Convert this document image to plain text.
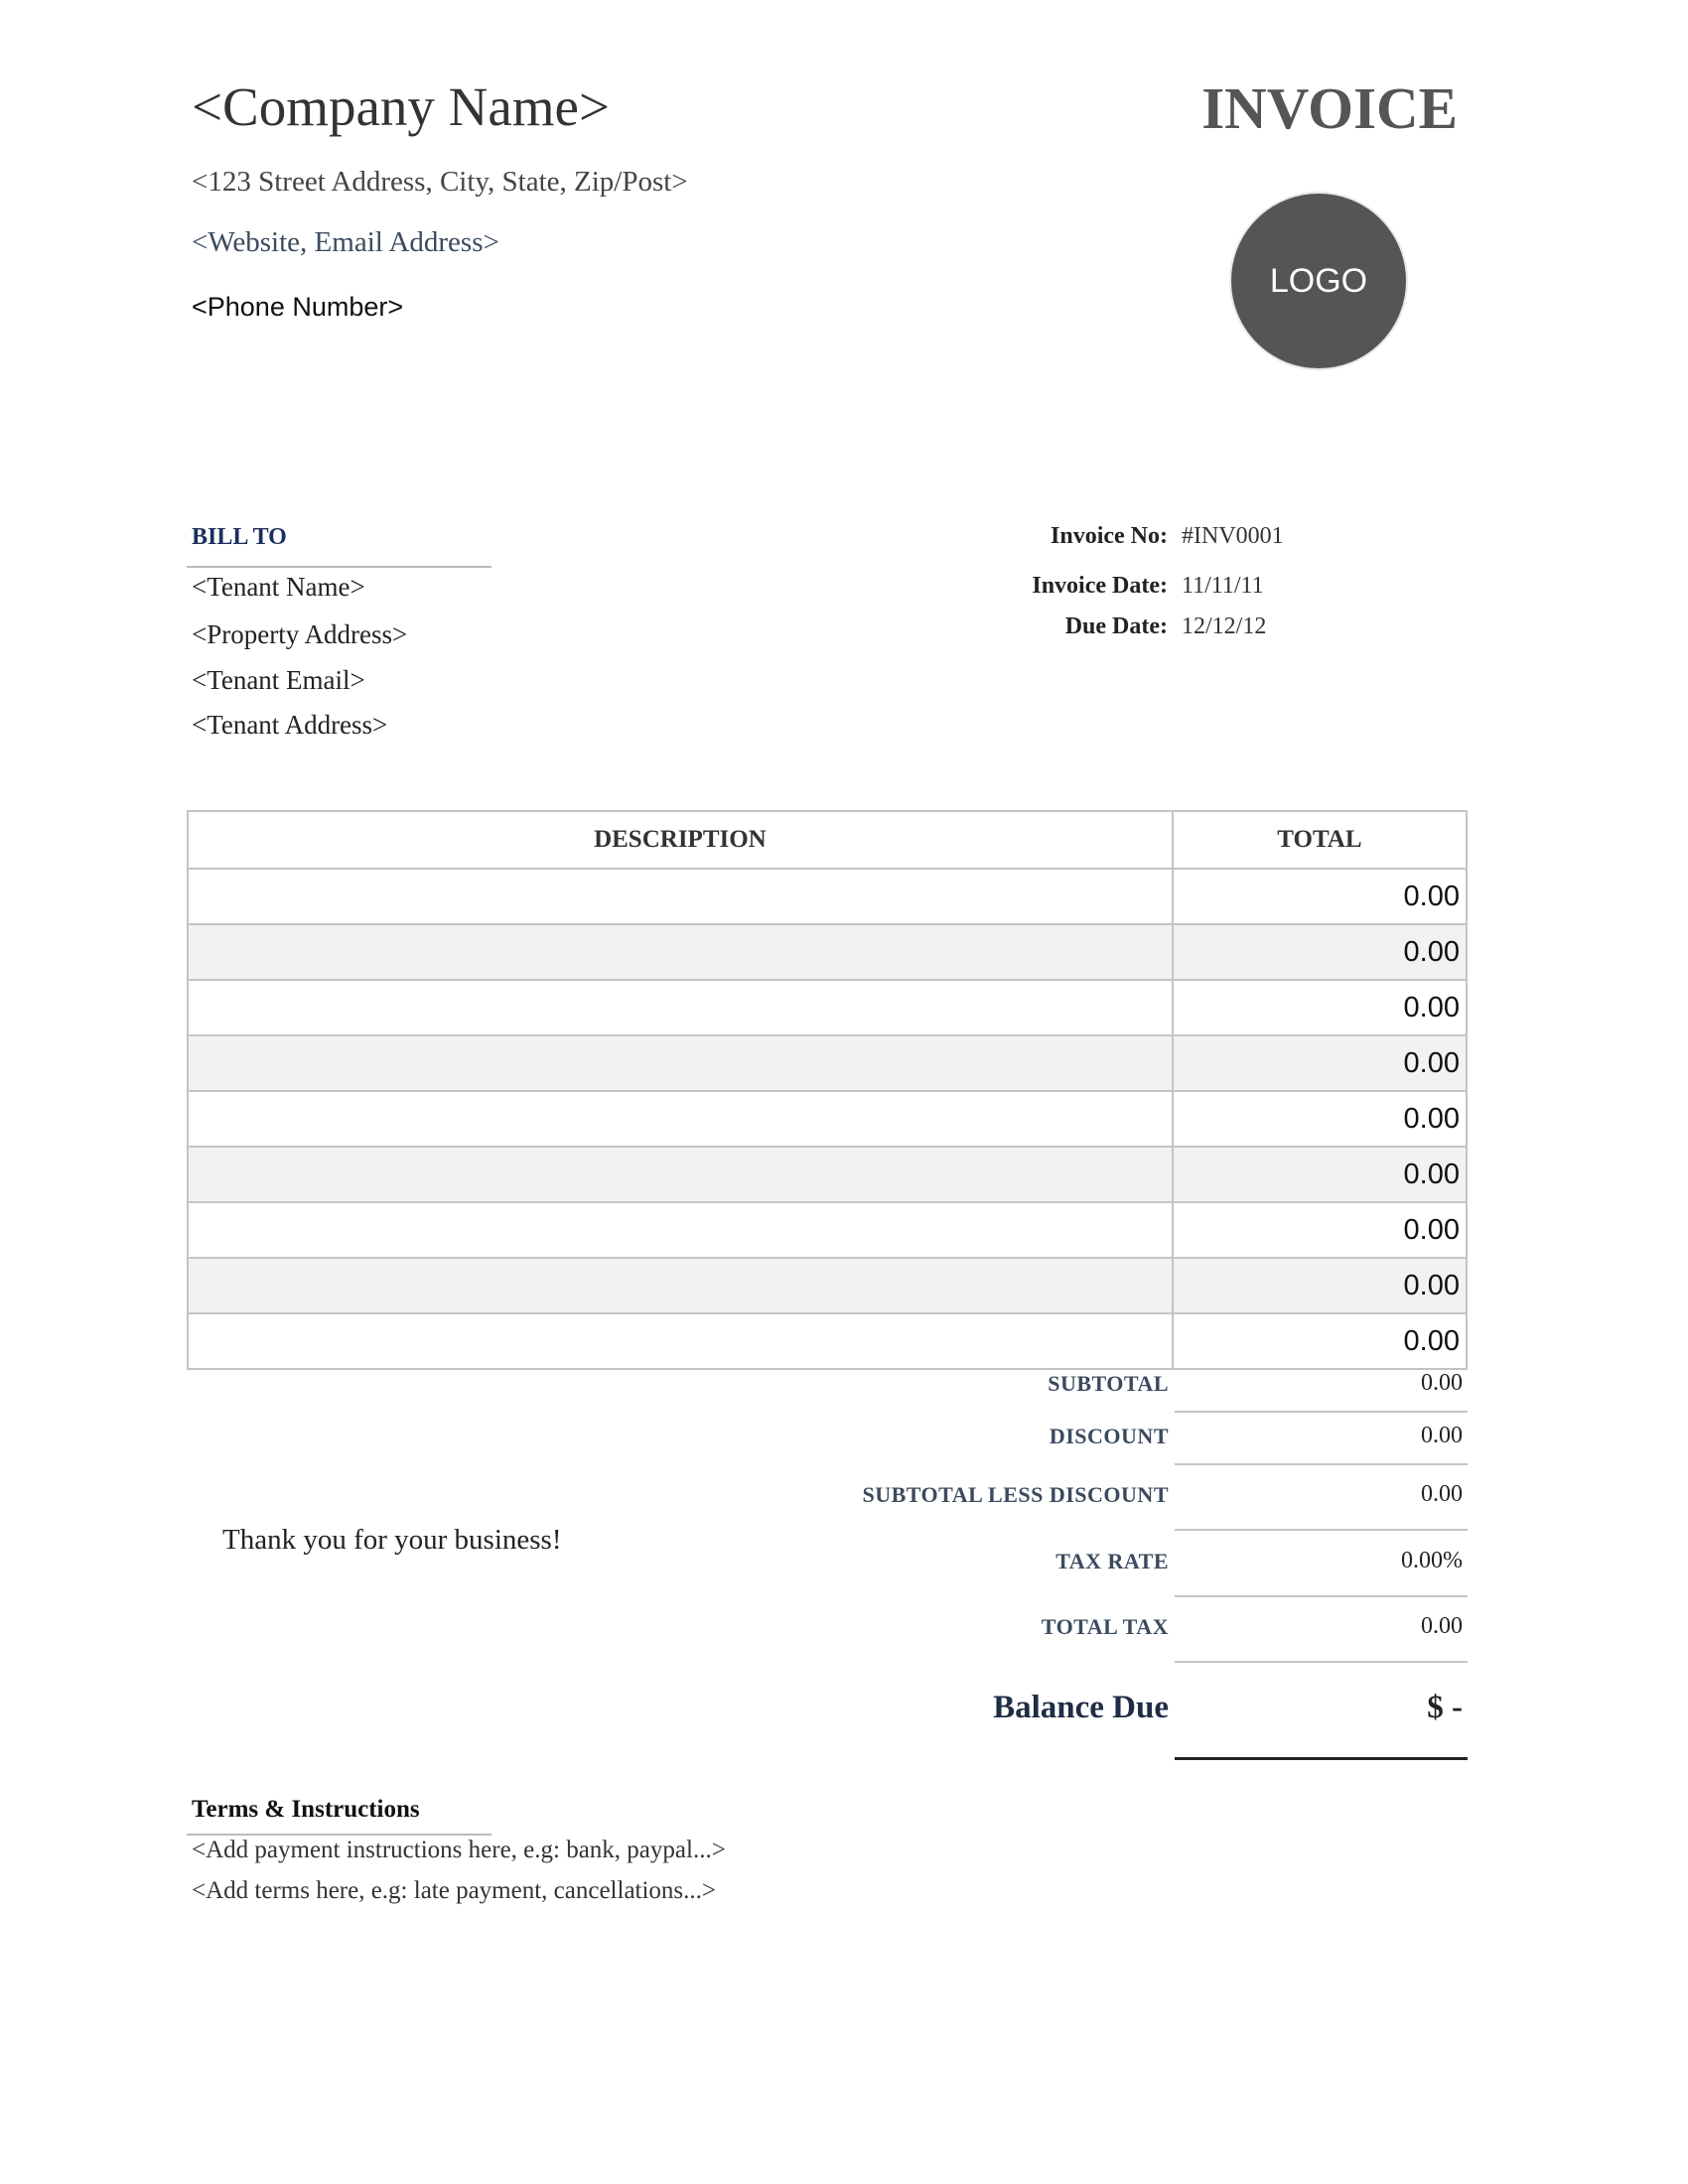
<Company Name>
<123 Street Address, City, State, Zip/Post>
<Website, Email Address>
<Phone Number>
INVOICE
LOGO
BILL TO
<Tenant Name>
<Property Address>
<Tenant Email>
<Tenant Address>
Invoice No: #INV0001
Invoice Date: 11/11/11
Due Date: 12/12/12
DESCRIPTION	TOTAL
	0.00
	0.00
	0.00
	0.00
	0.00
	0.00
	0.00
	0.00
	0.00
SUBTOTAL	0.00
DISCOUNT	0.00
SUBTOTAL LESS DISCOUNT	0.00
Thank you for your business!
TAX RATE	0.00%
TOTAL TAX	0.00
Balance Due	$ -
Terms & Instructions
<Add payment instructions here, e.g: bank, paypal...>
<Add terms here, e.g: late payment, cancellations...>
